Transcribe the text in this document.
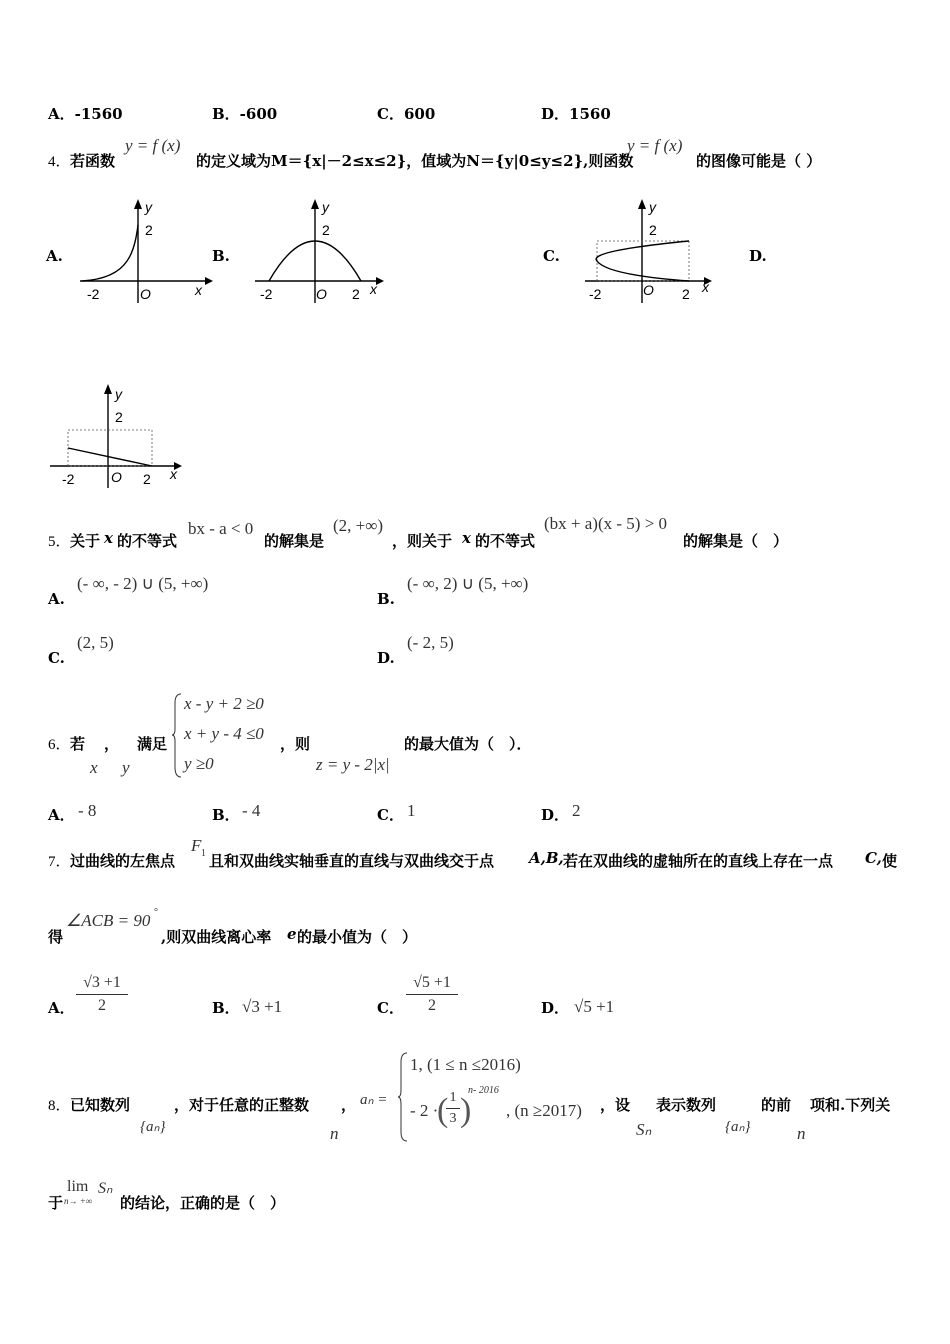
A．-1560	B．-600	C．600	D．1560
4． 若函数
y = f (x)
的定义域为M＝{x|－2≤x≤2}，值域为N＝{y|0≤y≤2},则函数
y = f (x)
的图像可能是（ ）
A.	B.	C.	D.
y
2
-2	O	x
y
2
-2	O 2 x
y
2
-2	O 2 x
y
2
-2	O 2 x
5． 关于 x 的不等式
bx - a < 0
的解集是
(2, +∞)
，则关于 x 的不等式
(bx + a)(x - 5) > 0
的解集是（　）
A.
(- ∞, - 2) ∪ (5, +∞)
B.
(- ∞, 2) ∪ (5, +∞)
C.
(2, 5)
D.
(- 2, 5)
6． 若 ， 满足
x y
x - y + 2 ≥0
x + y - 4 ≤0
y ≥0
，则
z = y - 2|x|
的最大值为（　）．
A． - 8	B． - 4	C． 1	D． 2
7． 过曲线的左焦点
F 1 且和双曲线实轴垂直的直线与双曲线交于点 A,B, 若在双曲线的虚轴所在的直线上存在一点 C, 使
得
∠ACB = 90 °
,则双曲线离心率 e 的最小值为（　）
A．
√3 +1
2	B． √3 +1	C．
√5 +1
2	D． √5 +1
8． 已知数列
{aₙ}
，对于任意的正整数
n
， aₙ =
1, (1 ≤ n ≤2016)
- 2 ·
( 1
3 )
n- 2016
, (n ≥2017) ，设
Sₙ
表示数列
{aₙ}
的前
n
项和.下列关
于
lim
n→ +∞
Sₙ
的结论，正确的是（　）
